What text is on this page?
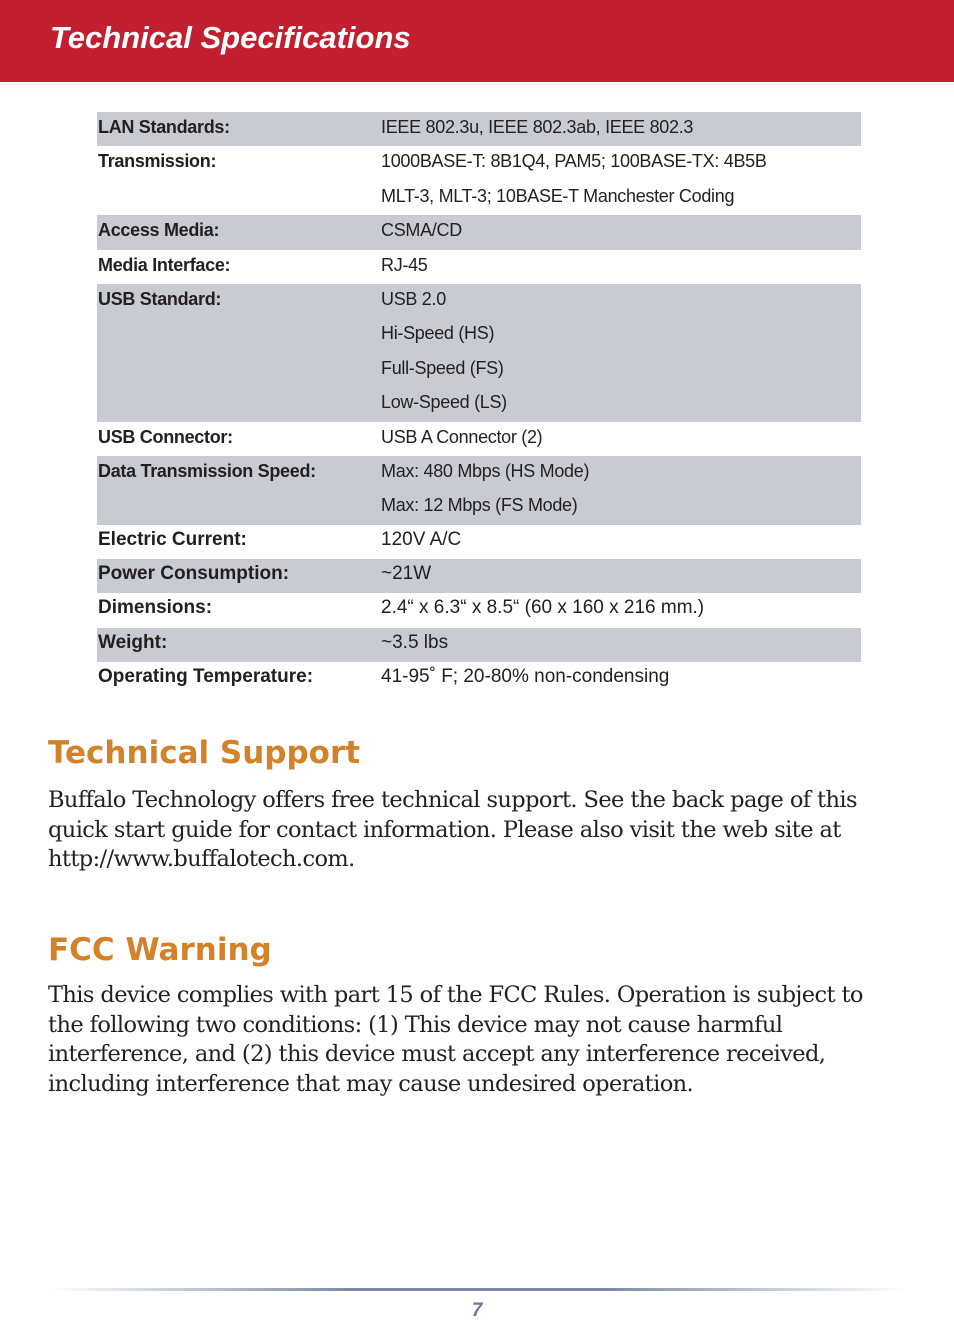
Technical Specifications
LAN Standards:	IEEE 802.3u, IEEE 802.3ab, IEEE 802.3
Transmission:	1000BASE-T: 8B1Q4, PAM5; 100BASE-TX: 4B5B
MLT-3, MLT-3; 10BASE-T Manchester Coding
Access Media:	CSMA/CD
Media Interface:	RJ-45
USB Standard:	USB 2.0
Hi-Speed (HS)
Full-Speed (FS)
Low-Speed (LS)
USB Connector:	USB A Connector (2)
Data Transmission Speed:	Max: 480 Mbps (HS Mode)
Max: 12 Mbps (FS Mode)
Electric Current:	120V A/C
Power Consumption:	~21W
Dimensions:	2.4“ x 6.3“ x 8.5“ (60 x 160 x 216 mm.)
Weight:	~3.5 lbs
Operating Temperature:	41-95˚ F; 20-80% non-condensing
Technical Support
Buffalo Technology offers free technical support. See the back page of this quick start guide for contact information. Please also visit the web site at http://www.buffalotech.com.
FCC Warning
This device complies with part 15 of the FCC Rules. Operation is subject to the following two conditions: (1) This device may not cause harmful interference, and (2) this device must accept any interference received, including interference that may cause undesired operation.
7
